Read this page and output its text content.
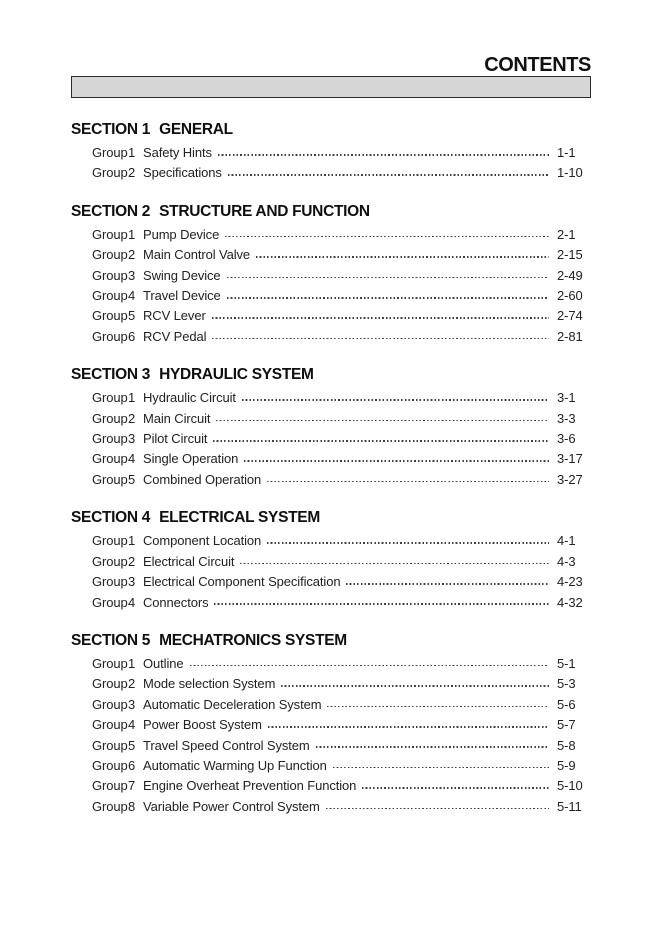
CONTENTS
SECTION 1 GENERAL
Group 1 Safety Hints	1-1
Group 2 Specifications	1-10
SECTION 2 STRUCTURE AND FUNCTION
Group 1 Pump Device	2-1
Group 2 Main Control Valve	2-15
Group 3 Swing Device	2-49
Group 4 Travel Device	2-60
Group 5 RCV Lever	2-74
Group 6 RCV Pedal	2-81
SECTION 3 HYDRAULIC SYSTEM
Group 1 Hydraulic Circuit	3-1
Group 2 Main Circuit	3-3
Group 3 Pilot Circuit	3-6
Group 4 Single Operation	3-17
Group 5 Combined Operation	3-27
SECTION 4 ELECTRICAL SYSTEM
Group 1 Component Location	4-1
Group 2 Electrical Circuit	4-3
Group 3 Electrical Component Specification	4-23
Group 4 Connectors	4-32
SECTION 5 MECHATRONICS SYSTEM
Group 1 Outline	5-1
Group 2 Mode selection System	5-3
Group 3 Automatic Deceleration System	5-6
Group 4 Power Boost System	5-7
Group 5 Travel Speed Control System	5-8
Group 6 Automatic Warming Up Function	5-9
Group 7 Engine Overheat Prevention Function	5-10
Group 8 Variable Power Control System	5-11
